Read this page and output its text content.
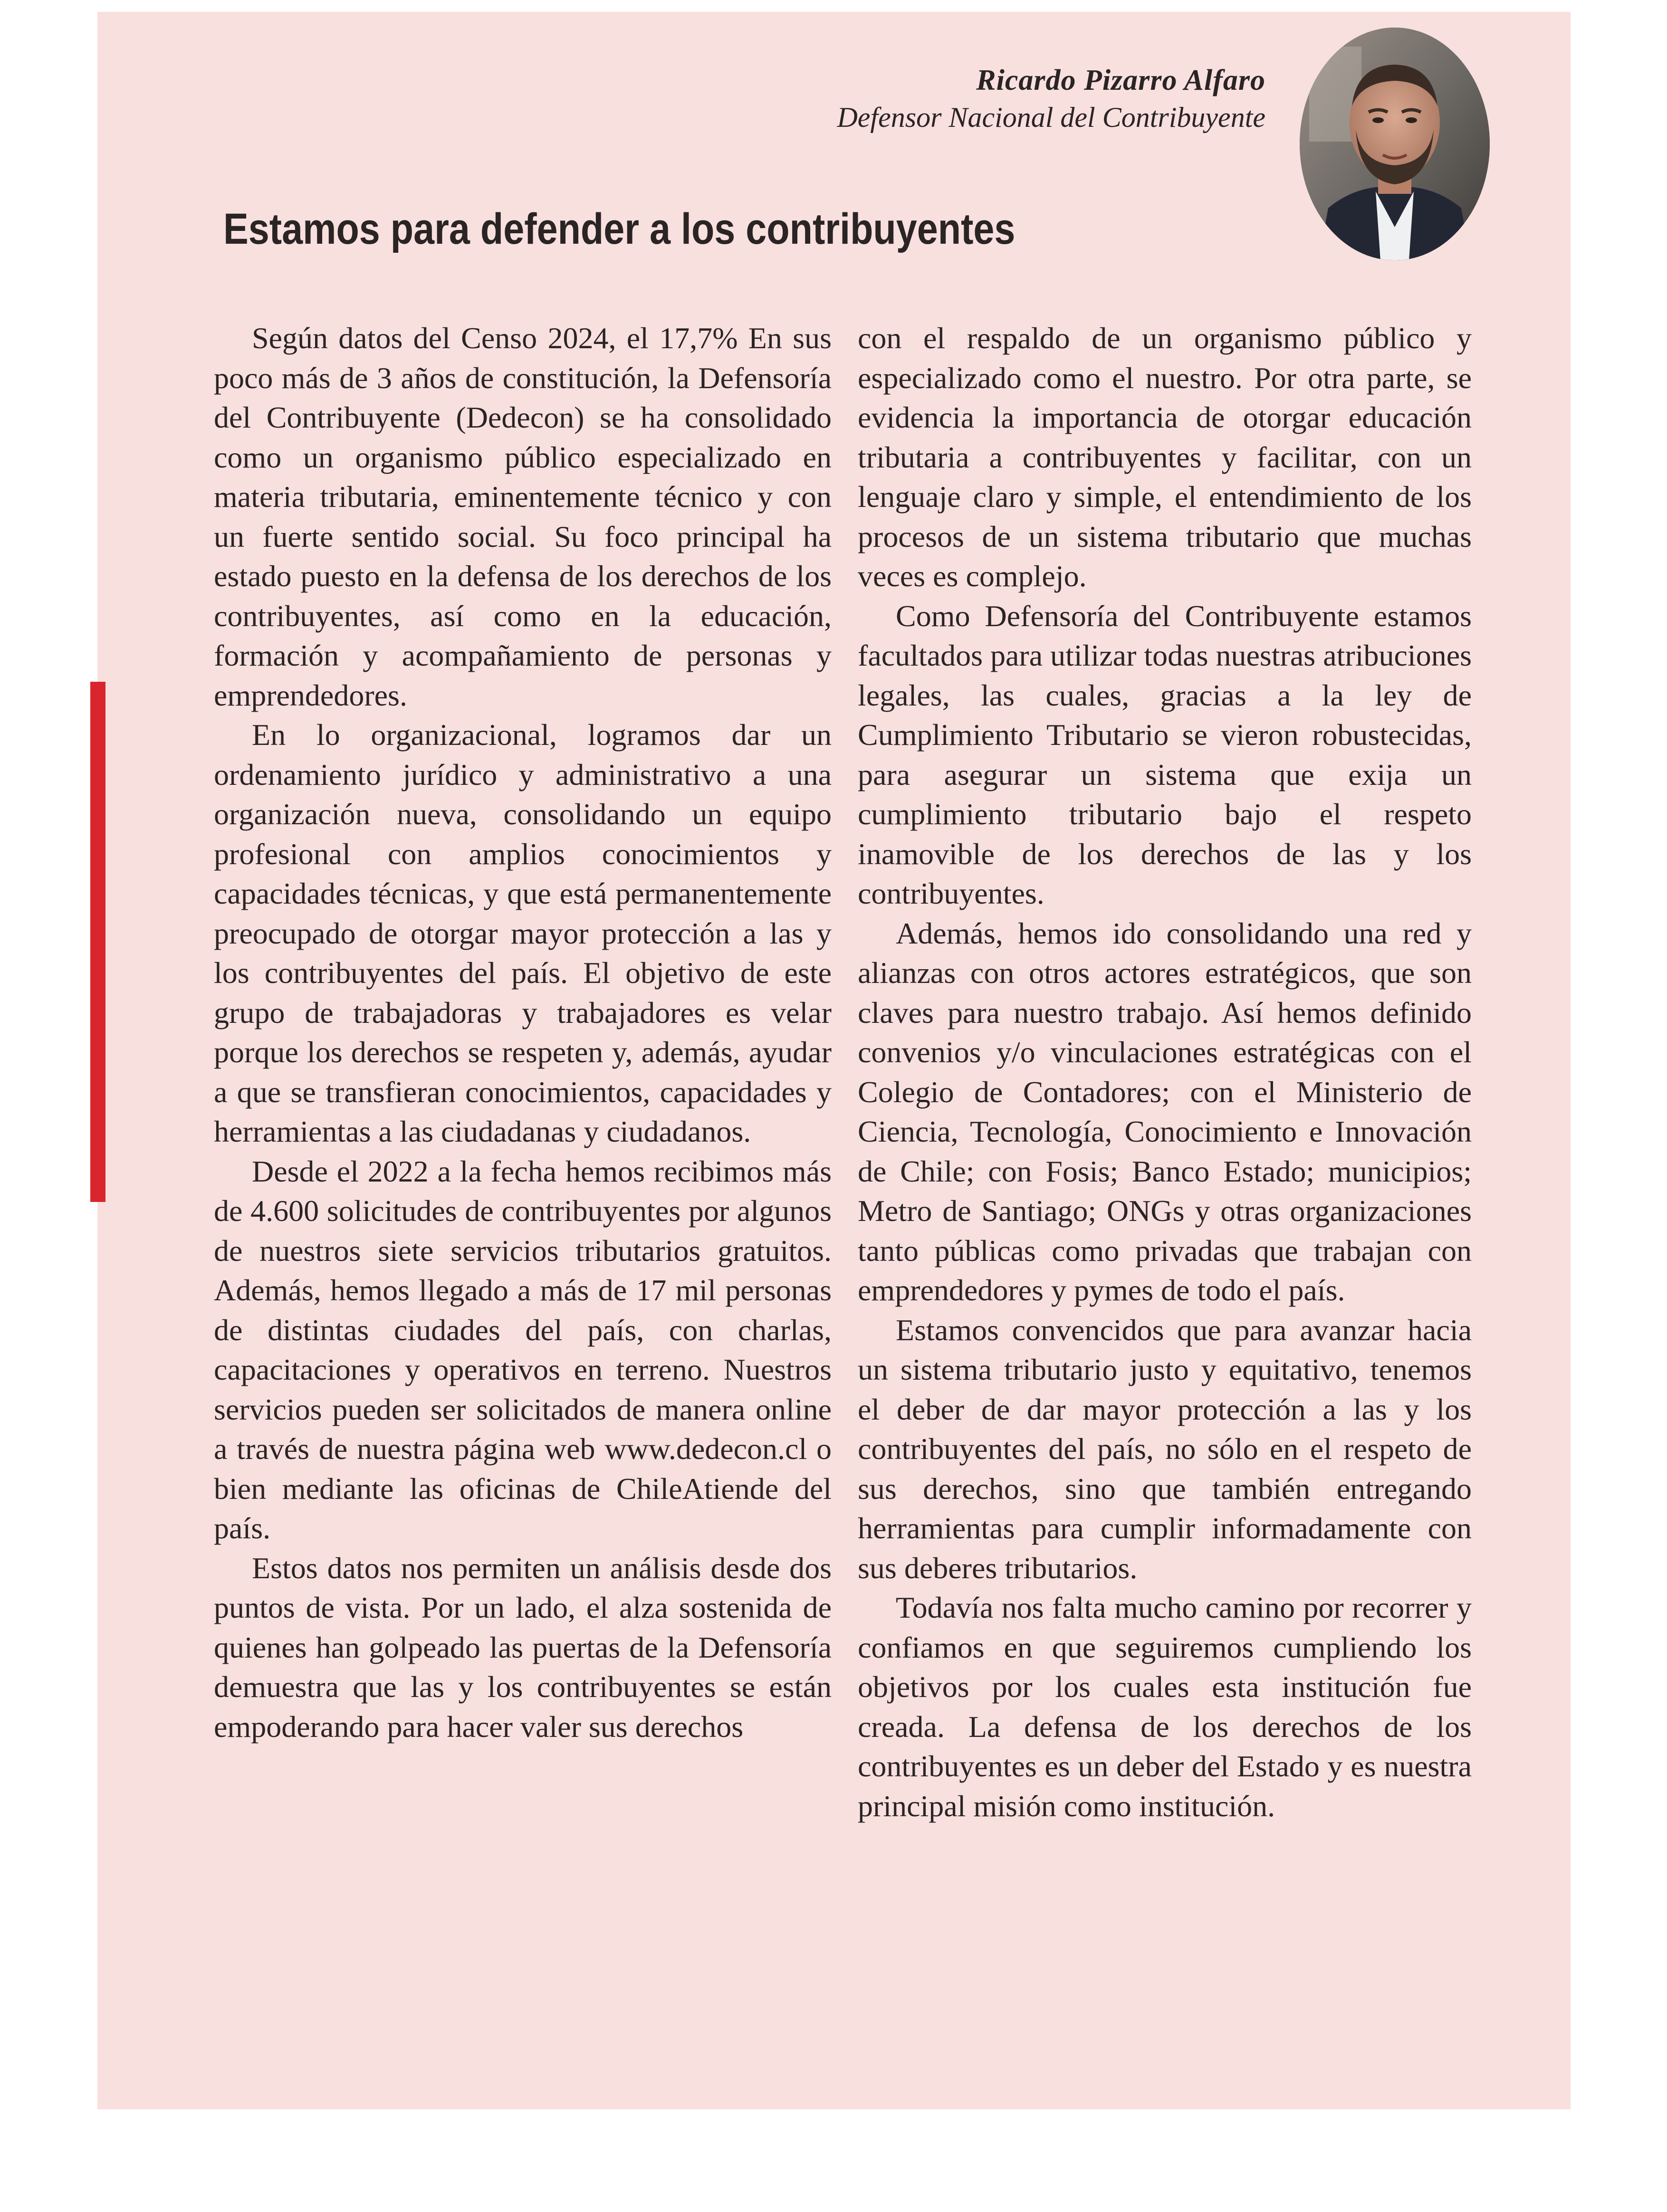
Ricardo Pizarro Alfaro
Defensor Nacional del Contribuyente
Estamos para defender a los contribuyentes

Según datos del Censo 2024, el 17,7% En sus poco más de 3 años de constitución, la Defensoría del Contribuyente (Dedecon) se ha consolidado como un organismo público especializado en materia tributaria, eminentemente técnico y con un fuerte sentido social. Su foco principal ha estado puesto en la defensa de los derechos de los contribuyentes, así como en la educación, formación y acompañamiento de personas y emprendedores.

En lo organizacional, logramos dar un ordenamiento jurídico y administrativo a una organización nueva, consolidando un equipo profesional con amplios conocimientos y capacidades técnicas, y que está permanentemente preocupado de otorgar mayor protección a las y los contribuyentes del país. El objetivo de este grupo de trabajadoras y trabajadores es velar porque los derechos se respeten y, además, ayudar a que se transfieran conocimientos, capacidades y herramientas a las ciudadanas y ciudadanos.

Desde el 2022 a la fecha hemos recibimos más de 4.600 solicitudes de contribuyentes por algunos de nuestros siete servicios tributarios gratuitos. Además, hemos llegado a más de 17 mil personas de distintas ciudades del país, con charlas, capacitaciones y operativos en terreno. Nuestros servicios pueden ser solicitados de manera online a través de nuestra página web www.dedecon.cl o bien mediante las oficinas de ChileAtiende del país.

Estos datos nos permiten un análisis desde dos puntos de vista. Por un lado, el alza sostenida de quienes han golpeado las puertas de la Defensoría demuestra que las y los contribuyentes se están empoderando para hacer valer sus derechos

con el respaldo de un organismo público y especializado como el nuestro. Por otra parte, se evidencia la importancia de otorgar educación tributaria a contribuyentes y facilitar, con un lenguaje claro y simple, el entendimiento de los procesos de un sistema tributario que muchas veces es complejo.

Como Defensoría del Contribuyente estamos facultados para utilizar todas nuestras atribuciones legales, las cuales, gracias a la ley de Cumplimiento Tributario se vieron robustecidas, para asegurar un sistema que exija un cumplimiento tributario bajo el respeto inamovible de los derechos de las y los contribuyentes.

Además, hemos ido consolidando una red y alianzas con otros actores estratégicos, que son claves para nuestro trabajo. Así hemos definido convenios y/o vinculaciones estratégicas con el Colegio de Contadores; con el Ministerio de Ciencia, Tecnología, Conocimiento e Innovación de Chile; con Fosis; Banco Estado; municipios; Metro de Santiago; ONGs y otras organizaciones tanto públicas como privadas que trabajan con emprendedores y pymes de todo el país.

Estamos convencidos que para avanzar hacia un sistema tributario justo y equitativo, tenemos el deber de dar mayor protección a las y los contribuyentes del país, no sólo en el respeto de sus derechos, sino que también entregando herramientas para cumplir informadamente con sus deberes tributarios.

Todavía nos falta mucho camino por recorrer y confiamos en que seguiremos cumpliendo los objetivos por los cuales esta institución fue creada. La defensa de los derechos de los contribuyentes es un deber del Estado y es nuestra principal misión como institución.
